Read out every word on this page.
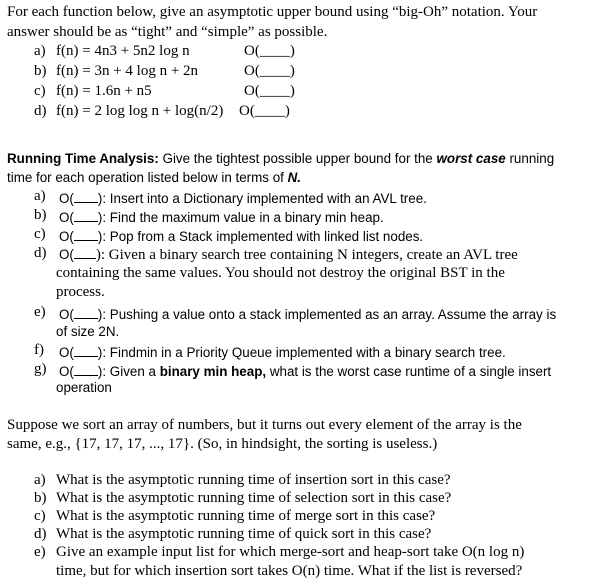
For each function below, give an asymptotic upper bound using “big-Oh” notation. Your
answer should be as “tight” and “simple” as possible.
a) f(n) = 4n3 + 5n2 log n	O(____)
b) f(n) = 3n + 4 log n + 2n	O(____)
c) f(n) = 1.6n + n5	O(____)
d) f(n) = 2 log log n + log(n/2) O(____)
Running Time Analysis: Give the tightest possible upper bound for the worst case running
time for each operation listed below in terms of N.
a) O( ): Insert into a Dictionary implemented with an AVL tree.
b) O( ): Find the maximum value in a binary min heap.
c) O( ): Pop from a Stack implemented with linked list nodes.
d) O( ): Given a binary search tree containing N integers, create an AVL tree
containing the same values. You should not destroy the original BST in the
process.
e) O( ): Pushing a value onto a stack implemented as an array. Assume the array is
of size 2N.
f) O( ): Findmin in a Priority Queue implemented with a binary search tree.
g) O( ): Given a binary min heap, what is the worst case runtime of a single insert
operation
Suppose we sort an array of numbers, but it turns out every element of the array is the
same, e.g., {17, 17, 17, ..., 17}. (So, in hindsight, the sorting is useless.)
a) What is the asymptotic running time of insertion sort in this case?
b) What is the asymptotic running time of selection sort in this case?
c) What is the asymptotic running time of merge sort in this case?
d) What is the asymptotic running time of quick sort in this case?
e) Give an example input list for which merge-sort and heap-sort take O(n log n)
time, but for which insertion sort takes O(n) time. What if the list is reversed?
